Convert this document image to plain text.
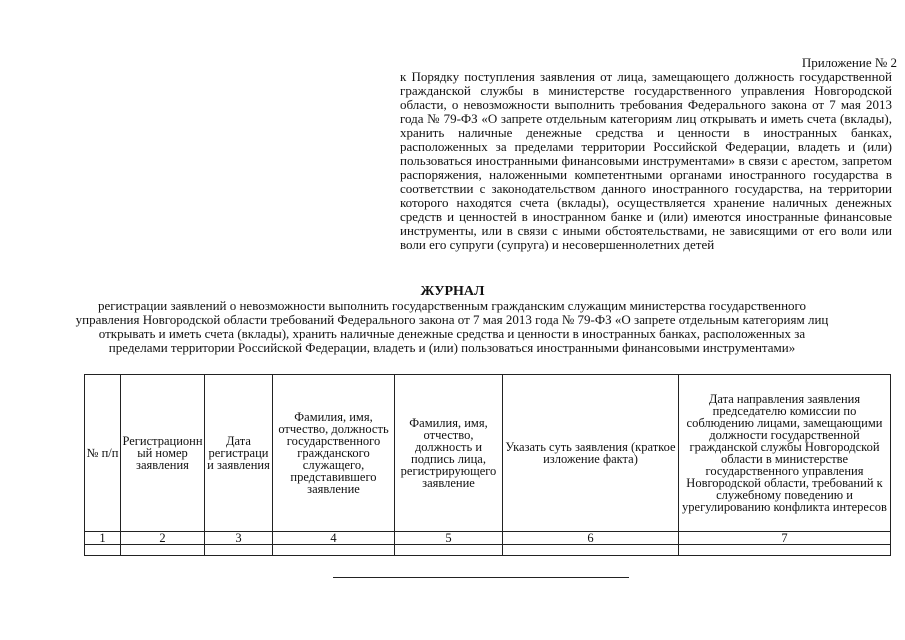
Приложение № 2
к Порядку поступления заявления от лица, замещающего должность государственной гражданской службы в министерстве государственного управления Новгородской области, о невозможности выполнить требования Федерального закона от 7 мая 2013 года № 79-ФЗ «О запрете отдельным категориям лиц открывать и иметь счета (вклады), хранить наличные денежные средства и ценности в иностранных банках, расположенных за пределами территории Российской Федерации, владеть и (или) пользоваться иностранными финансовыми инструментами» в связи с арестом, запретом распоряжения, наложенными компетентными органами иностранного государства в соответствии с законодательством данного иностранного государства, на территории которого находятся счета (вклады), осуществляется хранение наличных денежных средств и ценностей в иностранном банке и (или) имеются иностранные финансовые инструменты, или в связи с иными обстоятельствами, не зависящими от его воли или воли его супруги (супруга) и несовершеннолетних детей
ЖУРНАЛ
регистрации заявлений о невозможности выполнить государственным гражданским служащим министерства государственного управления Новгородской области требований Федерального закона от 7 мая 2013 года № 79-ФЗ «О запрете отдельным категориям лиц открывать и иметь счета (вклады), хранить наличные денежные средства и ценности в иностранных банках, расположенных за пределами территории Российской Федерации, владеть и (или) пользоваться иностранными финансовыми инструментами»
№ п/п	Регистрационный номер заявления	Дата регистрации заявления	Фамилия, имя, отчество, должность государственного гражданского служащего, представившего заявление	Фамилия, имя, отчество, должность и подпись лица, регистрирующего заявление	Указать суть заявления (краткое изложение факта)	Дата направления заявления председателю комиссии по соблюдению лицами, замещающими должности государственной гражданской службы Новгородской области в министерстве государственного управления Новгородской области, требований к служебному поведению и урегулированию конфликта интересов
1	2	3	4	5	6	7
